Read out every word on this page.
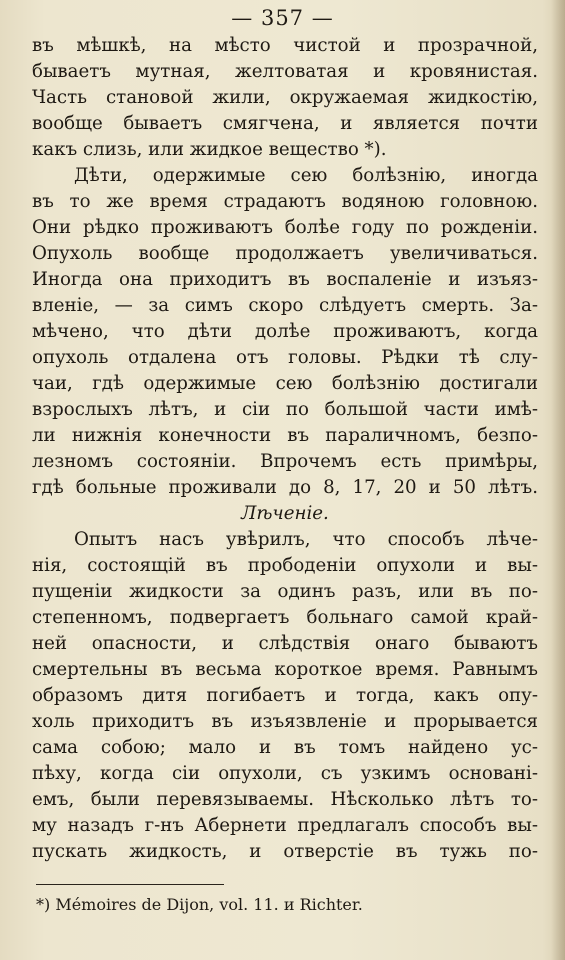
— 357 —
въ мѣшкѣ, на мѣсто чистой и прозрачной,
бываетъ мутная, желтоватая и кровянистая.
Часть становой жили, окружаемая жидкостію,
вообще бываетъ смягчена, и является почти
какъ слизь, или жидкое вещество *).
Дѣти, одержимые сею болѣзнію, иногда
въ то же время страдаютъ водяною головною.
Они рѣдко проживаютъ болѣе году по рожденіи.
Опухоль вообще продолжаетъ увеличиваться.
Иногда она приходитъ въ воспаленіе и изъяз-
вленіе, — за симъ скоро слѣдуетъ смерть. За-
мѣчено, что дѣти долѣе проживаютъ, когда
опухоль отдалена отъ головы. Рѣдки тѣ слу-
чаи, гдѣ одержимые сею болѣзнію достигали
взрослыхъ лѣтъ, и сіи по большой части имѣ-
ли нижнія конечности въ параличномъ, безпо-
лезномъ состояніи. Впрочемъ есть примѣры,
гдѣ больные проживали до 8, 17, 20 и 50 лѣтъ.
Лѣченіе.
Опытъ насъ увѣрилъ, что способъ лѣче-
нія, состоящій въ прободеніи опухоли и вы-
пущеніи жидкости за одинъ разъ, или въ по-
степенномъ, подвергаетъ больнаго самой край-
ней опасности, и слѣдствія онаго бываютъ
смертельны въ весьма короткое время. Равнымъ
образомъ дитя погибаетъ и тогда, какъ опу-
холь приходитъ въ изъязвленіе и прорывается
сама собою; мало и въ томъ найдено ус-
пѣху, когда сіи опухоли, съ узкимъ основані-
емъ, были перевязываемы. Нѣсколько лѣтъ то-
му назадъ г-нъ Абернети предлагалъ способъ вы-
пускать жидкость, и отверстіе въ тужь по-
*) Mémoires de Dijon, vol. 11. и Richter.
